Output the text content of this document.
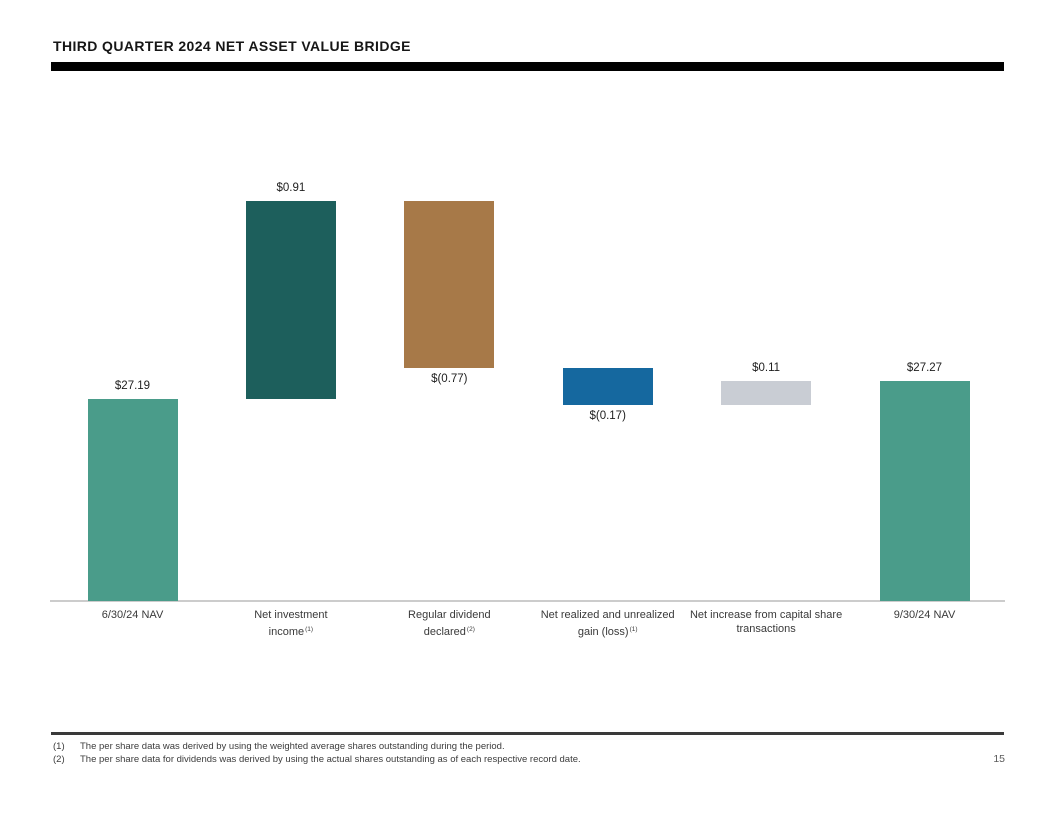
THIRD QUARTER 2024 NET ASSET VALUE BRIDGE
$27.19
6/30/24 NAV
$0.91
Net investment
income$^{(1)}$
$(0.77)
Regular dividend
declared$^{(2)}$
$(0.17)
Net realized and unrealized
gain (loss)$^{(1)}$
$0.11
Net increase from capital share
transactions
$27.27
9/30/24 NAV
(1)	The per share data was derived by using the weighted average shares outstanding during the period.
(2)	The per share data for dividends was derived by using the actual shares outstanding as of each respective record date.	15
